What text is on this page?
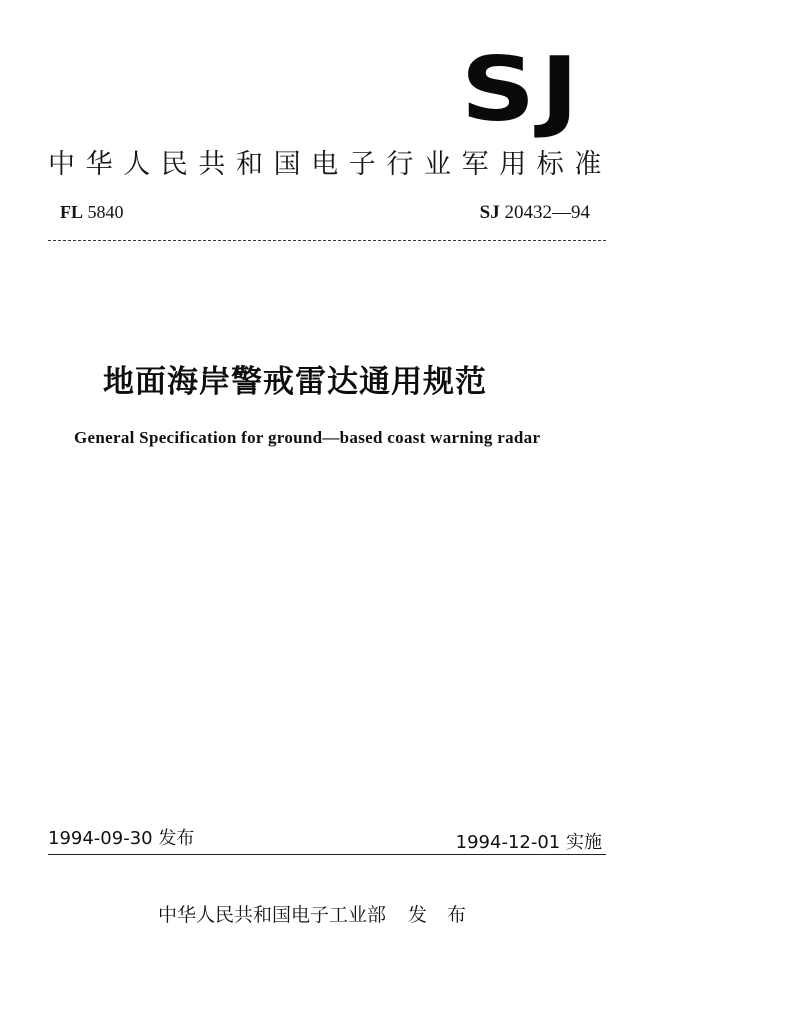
SJ
中华人民共和国电子行业军用标准
FL 5840	SJ 20432—94
地面海岸警戒雷达通用规范
General Specification for ground—based coast warning radar
1994-09-30 发布	1994-12-01 实施
中华人民共和国电子工业部 发布
